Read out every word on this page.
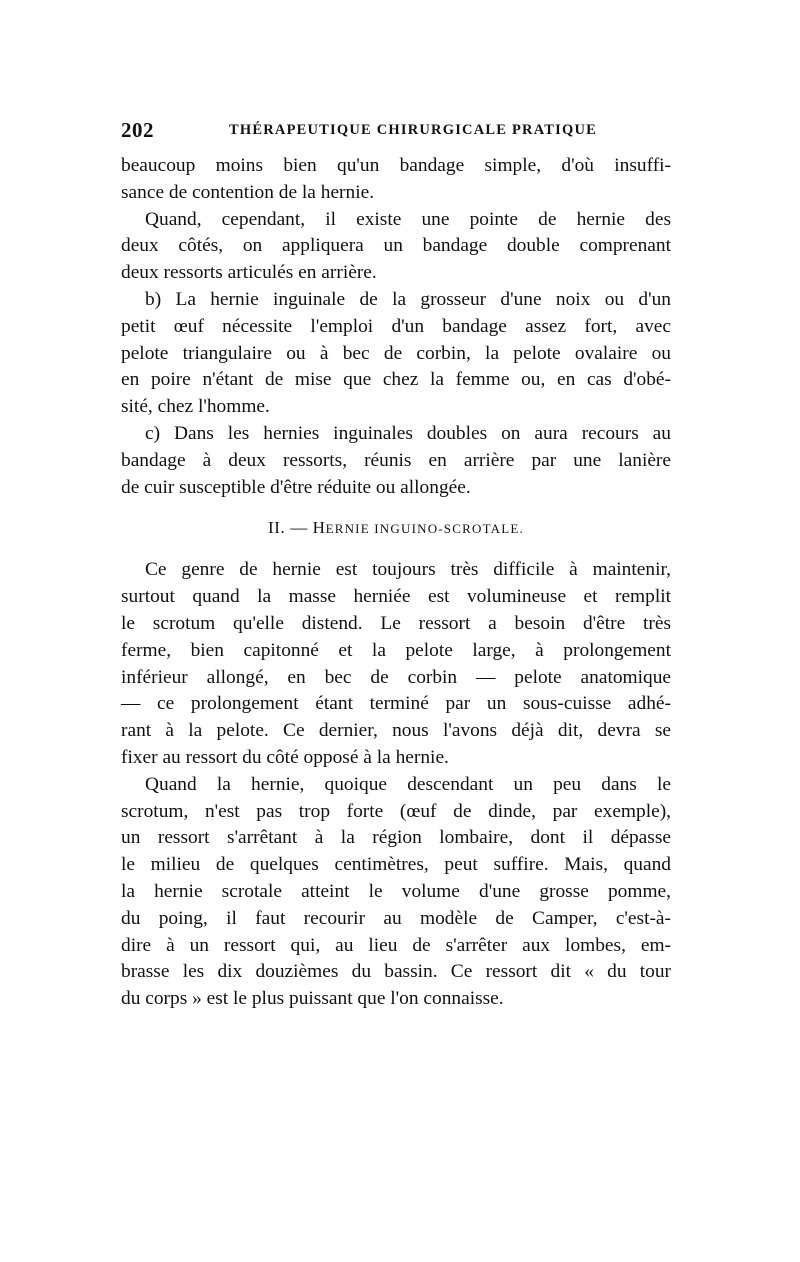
202	THÉRAPEUTIQUE CHIRURGICALE PRATIQUE
beaucoup moins bien qu'un bandage simple, d'où insuffi-
sance de contention de la hernie.
Quand, cependant, il existe une pointe de hernie des
deux côtés, on appliquera un bandage double comprenant
deux ressorts articulés en arrière.
b) La hernie inguinale de la grosseur d'une noix ou d'un
petit œuf nécessite l'emploi d'un bandage assez fort, avec
pelote triangulaire ou à bec de corbin, la pelote ovalaire ou
en poire n'étant de mise que chez la femme ou, en cas d'obé-
sité, chez l'homme.
c) Dans les hernies inguinales doubles on aura recours au
bandage à deux ressorts, réunis en arrière par une lanière
de cuir susceptible d'être réduite ou allongée.
II. — HERNIE INGUINO-SCROTALE.
Ce genre de hernie est toujours très difficile à maintenir,
surtout quand la masse herniée est volumineuse et remplit
le scrotum qu'elle distend. Le ressort a besoin d'être très
ferme, bien capitonné et la pelote large, à prolongement
inférieur allongé, en bec de corbin — pelote anatomique
— ce prolongement étant terminé par un sous-cuisse adhé-
rant à la pelote. Ce dernier, nous l'avons déjà dit, devra se
fixer au ressort du côté opposé à la hernie.
Quand la hernie, quoique descendant un peu dans le
scrotum, n'est pas trop forte (œuf de dinde, par exemple),
un ressort s'arrêtant à la région lombaire, dont il dépasse
le milieu de quelques centimètres, peut suffire. Mais, quand
la hernie scrotale atteint le volume d'une grosse pomme,
du poing, il faut recourir au modèle de Camper, c'est-à-
dire à un ressort qui, au lieu de s'arrêter aux lombes, em-
brasse les dix douzièmes du bassin. Ce ressort dit « du tour
du corps » est le plus puissant que l'on connaisse.
